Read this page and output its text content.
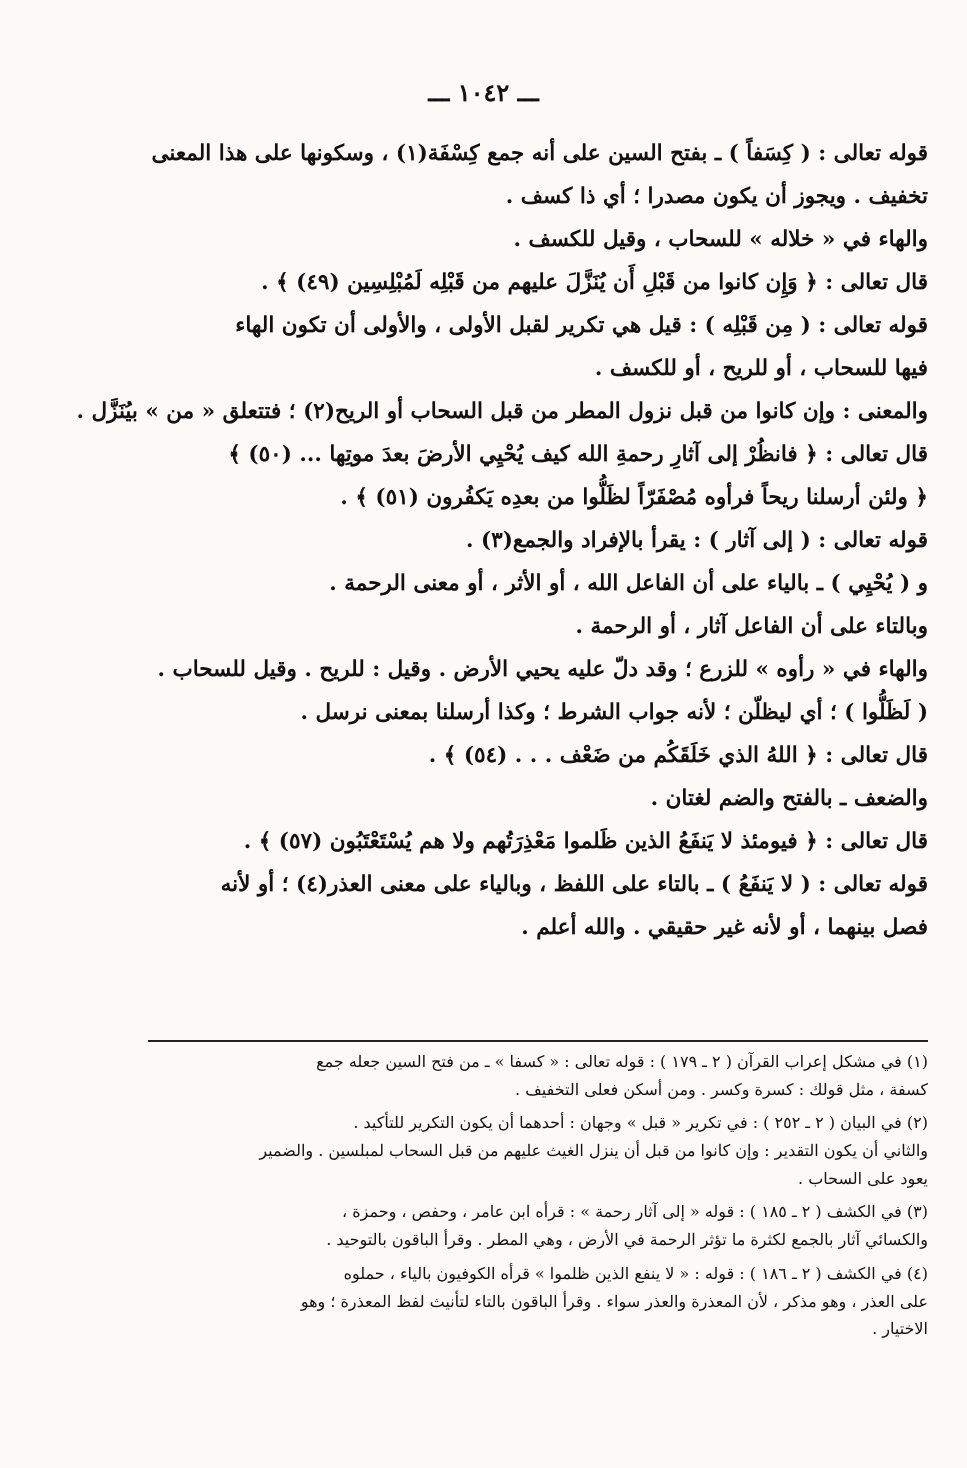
ـــ ١٠٤٢ ـــ
قوله تعالى : ( كِسَفاً ) ـ بفتح السين على أنه جمع كِسْفَة(١) ، وسكونها على هذا المعنى
تخفيف . ويجوز أن يكون مصدرا ؛ أي ذا كسف .
والهاء في « خلاله » للسحاب ، وقيل للكسف .
قال تعالى : ﴿ وَإِن كانوا من قَبْلِ أَن يُنَزَّلَ عليهم من قَبْلِه لَمُبْلِسِين (٤٩) ﴾ .
قوله تعالى : ( مِن قَبْلِه ) : قيل هي تكرير لقبل الأولى ، والأولى أن تكون الهاء
فيها للسحاب ، أو للريح ، أو للكسف .
والمعنى : وإن كانوا من قبل نزول المطر من قبل السحاب أو الريح(٢) ؛ فتتعلق « من » بيُنَزَّل .
قال تعالى : ﴿ فانظُرْ إلى آثارِ رحمةِ الله كيف يُحْيِي الأرضَ بعدَ موتِها ... (٥٠) ﴾
﴿ ولئن أرسلنا ريحاً فرأوه مُصْفَرّاً لظَلُّوا من بعدِه يَكفُرون (٥١) ﴾ .
قوله تعالى : ( إلى آثار ) : يقرأ بالإفراد والجمع(٣) .
و ( يُحْيِي ) ـ بالياء على أن الفاعل الله ، أو الأثر ، أو معنى الرحمة .
وبالتاء على أن الفاعل آثار ، أو الرحمة .
والهاء في « رأوه » للزرع ؛ وقد دلّ عليه يحيي الأرض . وقيل : للريح . وقيل للسحاب .
( لَظَلُّوا ) ؛ أي ليظلّن ؛ لأنه جواب الشرط ؛ وكذا أرسلنا بمعنى نرسل .
قال تعالى : ﴿ اللهُ الذي خَلَقَكُم من ضَعْف . . . (٥٤) ﴾ .
والضعف ـ بالفتح والضم لغتان .
قال تعالى : ﴿ فيومئذ لا يَنفَعُ الذين ظَلموا مَعْذِرَتُهم ولا هم يُسْتَعْتَبُون (٥٧) ﴾ .
قوله تعالى : ( لا يَنفَعُ ) ـ بالتاء على اللفظ ، وبالياء على معنى العذر(٤) ؛ أو لأنه
فصل بينهما ، أو لأنه غير حقيقي . والله أعلم .
(١) في مشكل إعراب القرآن ( ٢ ـ ١٧٩ ) : قوله تعالى : « كسفا » ـ من فتح السين جعله جمع
كسفة ، مثل قولك : كسرة وكسر . ومن أسكن فعلى التخفيف .
(٢) في البيان ( ٢ ـ ٢٥٢ ) : في تكرير « قبل » وجهان : أحدهما أن يكون التكرير للتأكيد .
والثاني أن يكون التقدير : وإن كانوا من قبل أن ينزل الغيث عليهم من قبل السحاب لمبلسين . والضمير
يعود على السحاب .
(٣) في الكشف ( ٢ ـ ١٨٥ ) : قوله « إلى آثار رحمة » : قرأه ابن عامر ، وحفص ، وحمزة ،
والكسائي آثار بالجمع لكثرة ما تؤثر الرحمة في الأرض ، وهي المطر . وقرأ الباقون بالتوحيد .
(٤) في الكشف ( ٢ ـ ١٨٦ ) : قوله : « لا ينفع الذين ظلموا » قرأه الكوفيون بالياء ، حملوه
على العذر ، وهو مذكر ، لأن المعذرة والعذر سواء . وقرأ الباقون بالتاء لتأنيث لفظ المعذرة ؛ وهو
الاختيار .
